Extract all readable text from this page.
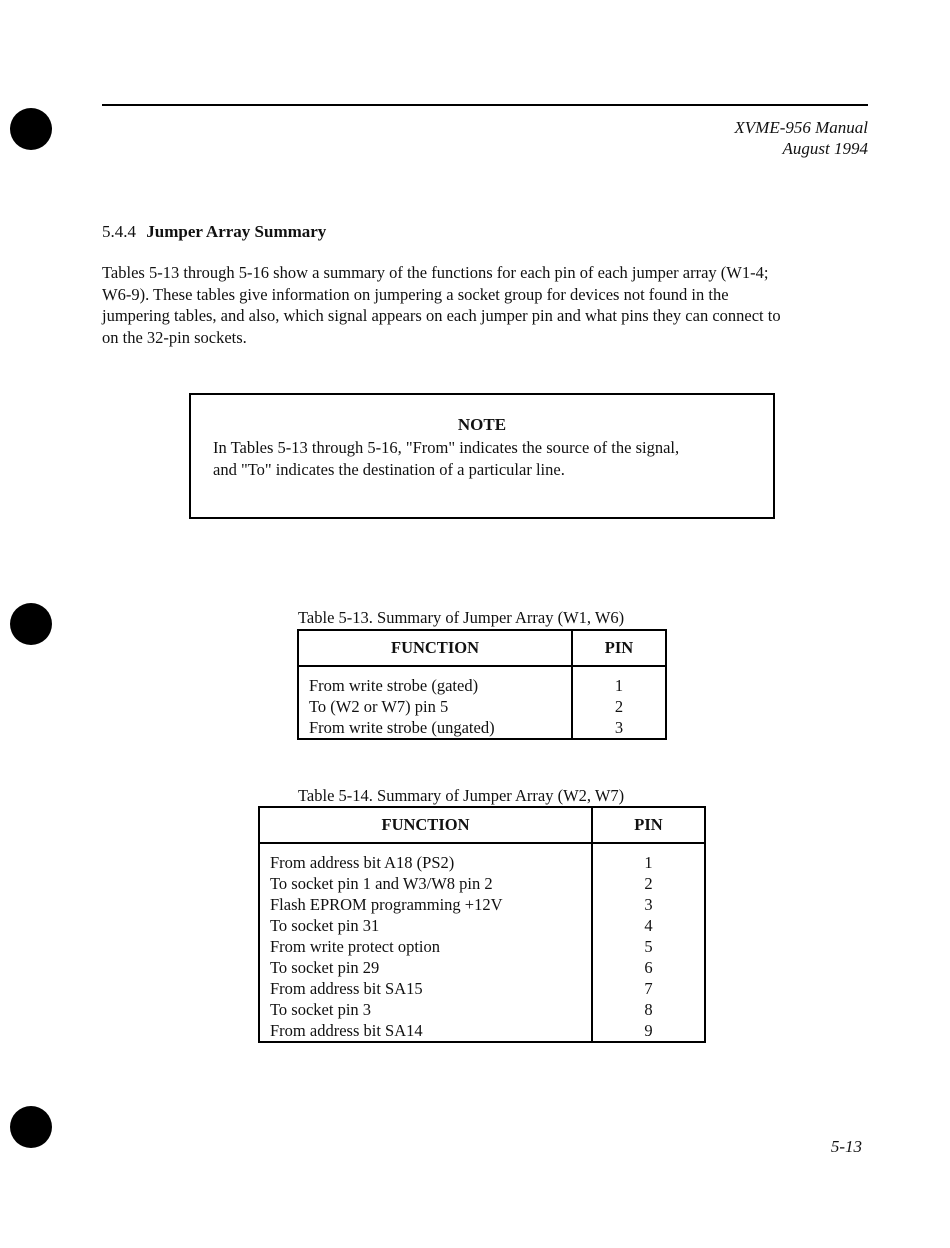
XVME-956 Manual
August 1994
5.4.4 Jumper Array Summary
Tables 5-13 through 5-16 show a summary of the functions for each pin of each jumper array (W1-4;
W6-9). These tables give information on jumpering a socket group for devices not found in the
jumpering tables, and also, which signal appears on each jumper pin and what pins they can connect to
on the 32-pin sockets.
NOTE
In Tables 5-13 through 5-16, "From" indicates the source of the signal,
and "To" indicates the destination of a particular line.
Table 5-13. Summary of Jumper Array (W1, W6)
FUNCTION	PIN
From write strobe (gated)	1
To (W2 or W7) pin 5	2
From write strobe (ungated)	3
Table 5-14. Summary of Jumper Array (W2, W7)
FUNCTION	PIN
From address bit A18 (PS2)	1
To socket pin 1 and W3/W8 pin 2	2
Flash EPROM programming +12V	3
To socket pin 31	4
From write protect option	5
To socket pin 29	6
From address bit SA15	7
To socket pin 3	8
From address bit SA14	9
5-13
